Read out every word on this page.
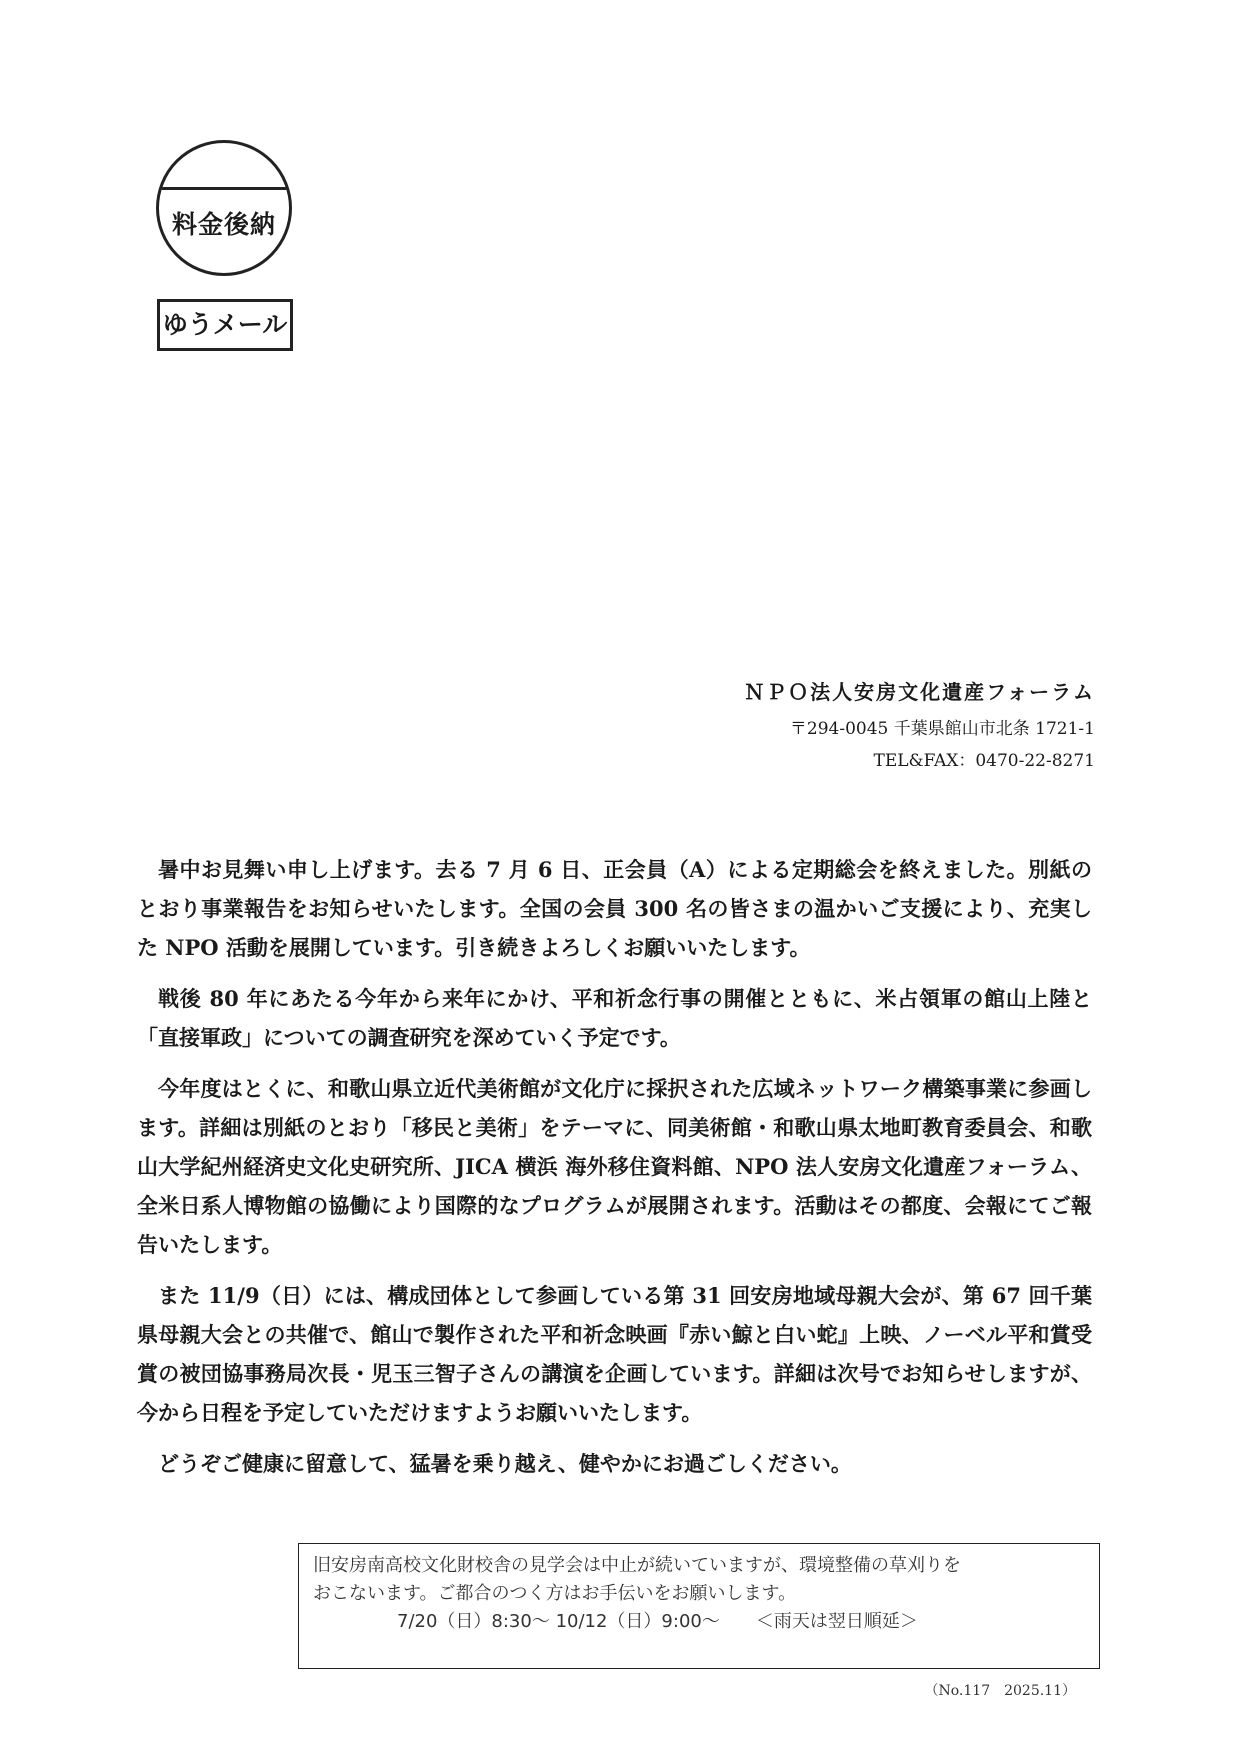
料金後納
ゆうメール
ＮＰＯ法人安房文化遺産フォーラム
〒294-0045 千葉県館山市北条 1721-1
TEL&FAX：0470-22-8271

暑中お見舞い申し上げます。去る 7 月 6 日、正会員（A）による定期総会を終えました。別紙のとおり事業報告をお知らせいたします。全国の会員 300 名の皆さまの温かいご支援により、充実した NPO 活動を展開しています。引き続きよろしくお願いいたします。

戦後 80 年にあたる今年から来年にかけ、平和祈念行事の開催とともに、米占領軍の館山上陸と「直接軍政」についての調査研究を深めていく予定です。

今年度はとくに、和歌山県立近代美術館が文化庁に採択された広域ネットワーク構築事業に参画します。詳細は別紙のとおり「移民と美術」をテーマに、同美術館・和歌山県太地町教育委員会、和歌山大学紀州経済史文化史研究所、JICA 横浜 海外移住資料館、NPO 法人安房文化遺産フォーラム、全米日系人博物館の協働により国際的なプログラムが展開されます。活動はその都度、会報にてご報告いたします。

また 11/9（日）には、構成団体として参画している第 31 回安房地域母親大会が、第 67 回千葉県母親大会との共催で、館山で製作された平和祈念映画『赤い鯨と白い蛇』上映、ノーベル平和賞受賞の被団協事務局次長・児玉三智子さんの講演を企画しています。詳細は次号でお知らせしますが、今から日程を予定していただけますようお願いいたします。

どうぞご健康に留意して、猛暑を乗り越え、健やかにお過ごしください。

旧安房南高校文化財校舎の見学会は中止が続いていますが、環境整備の草刈りを
おこないます。ご都合のつく方はお手伝いをお願いします。
7/20（日）8:30～ 10/12（日）9:00～　　＜雨天は翌日順延＞
（No.117　2025.11）
